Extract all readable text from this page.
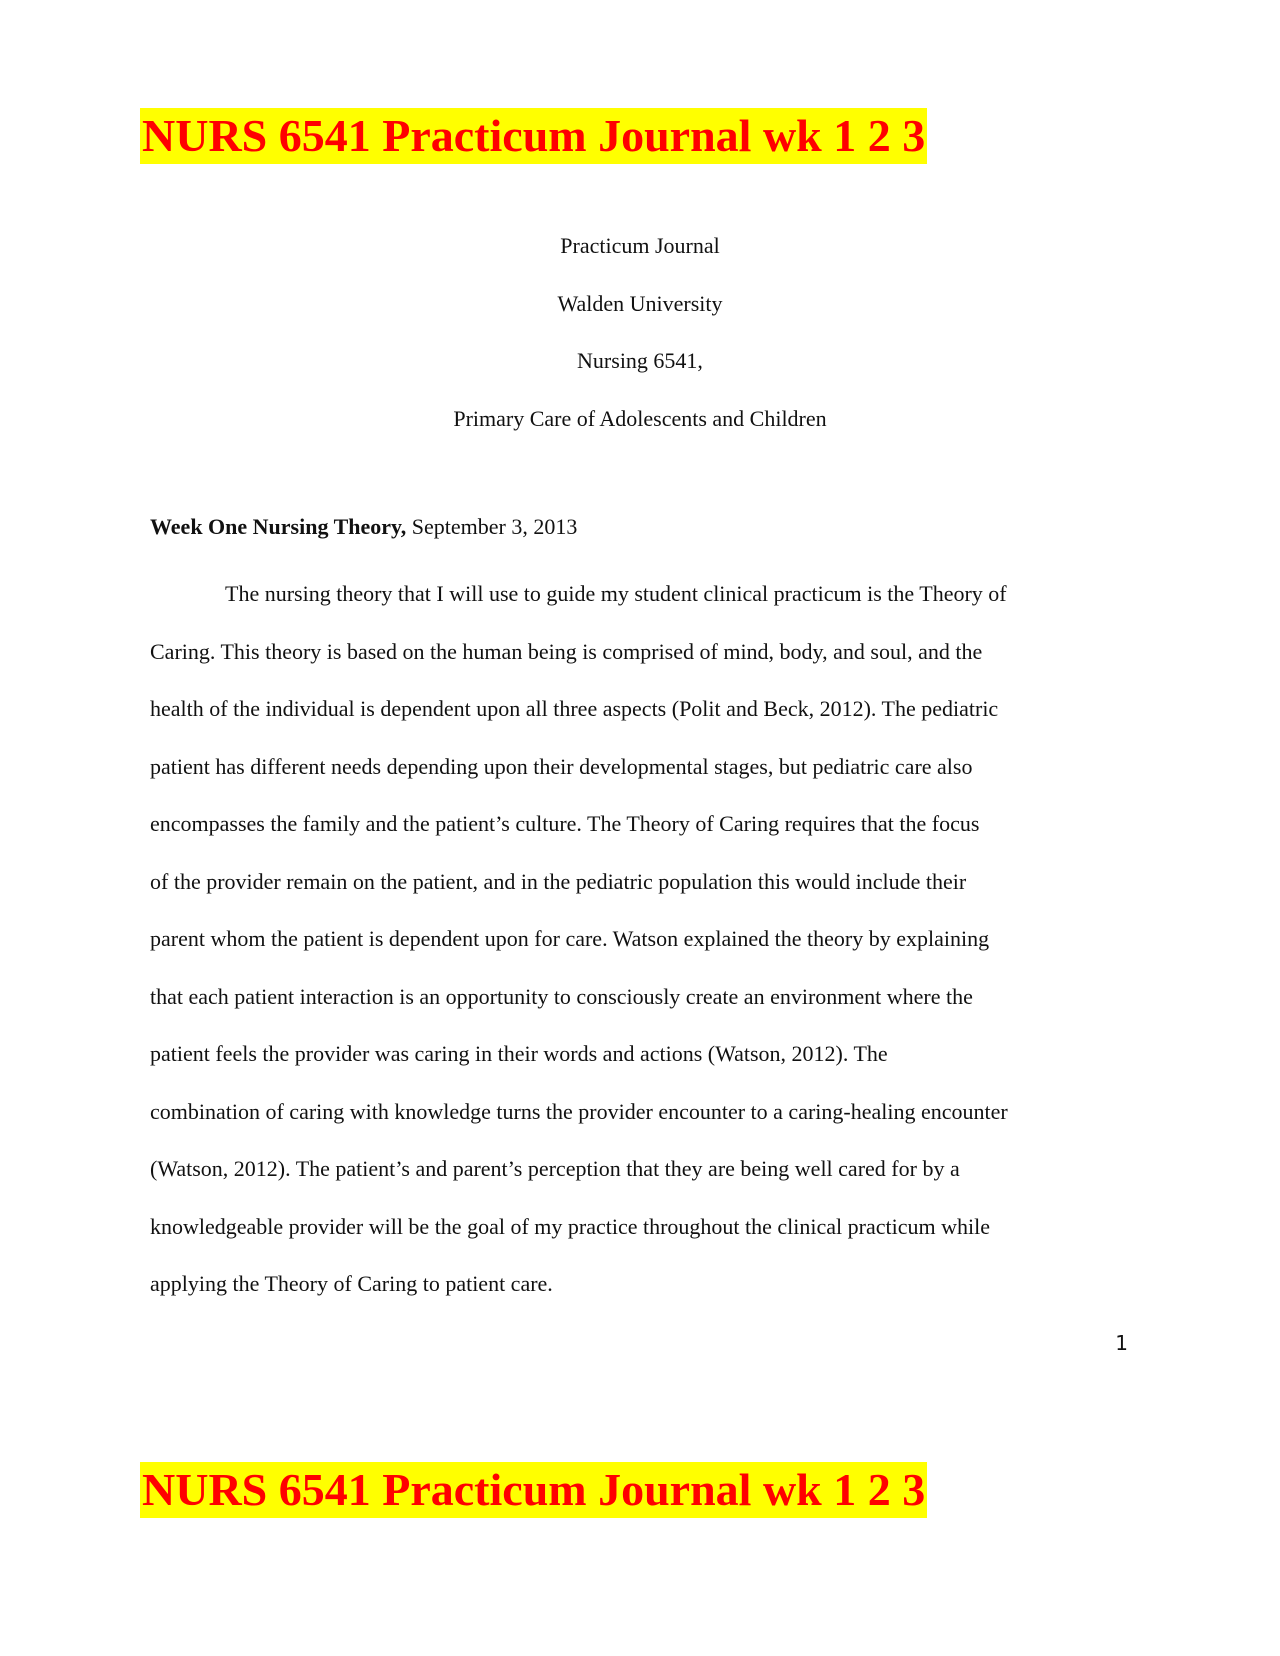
NURS 6541 Practicum Journal wk 1 2 3
Practicum Journal
Walden University
Nursing 6541,
Primary Care of Adolescents and Children
Week One Nursing Theory, September 3, 2013
The nursing theory that I will use to guide my student clinical practicum is the Theory of
Caring. This theory is based on the human being is comprised of mind, body, and soul, and the
health of the individual is dependent upon all three aspects (Polit and Beck, 2012). The pediatric
patient has different needs depending upon their developmental stages, but pediatric care also
encompasses the family and the patient’s culture. The Theory of Caring requires that the focus
of the provider remain on the patient, and in the pediatric population this would include their
parent whom the patient is dependent upon for care. Watson explained the theory by explaining
that each patient interaction is an opportunity to consciously create an environment where the
patient feels the provider was caring in their words and actions (Watson, 2012). The
combination of caring with knowledge turns the provider encounter to a caring-healing encounter
(Watson, 2012). The patient’s and parent’s perception that they are being well cared for by a
knowledgeable provider will be the goal of my practice throughout the clinical practicum while
applying the Theory of Caring to patient care.
1
NURS 6541 Practicum Journal wk 1 2 3
